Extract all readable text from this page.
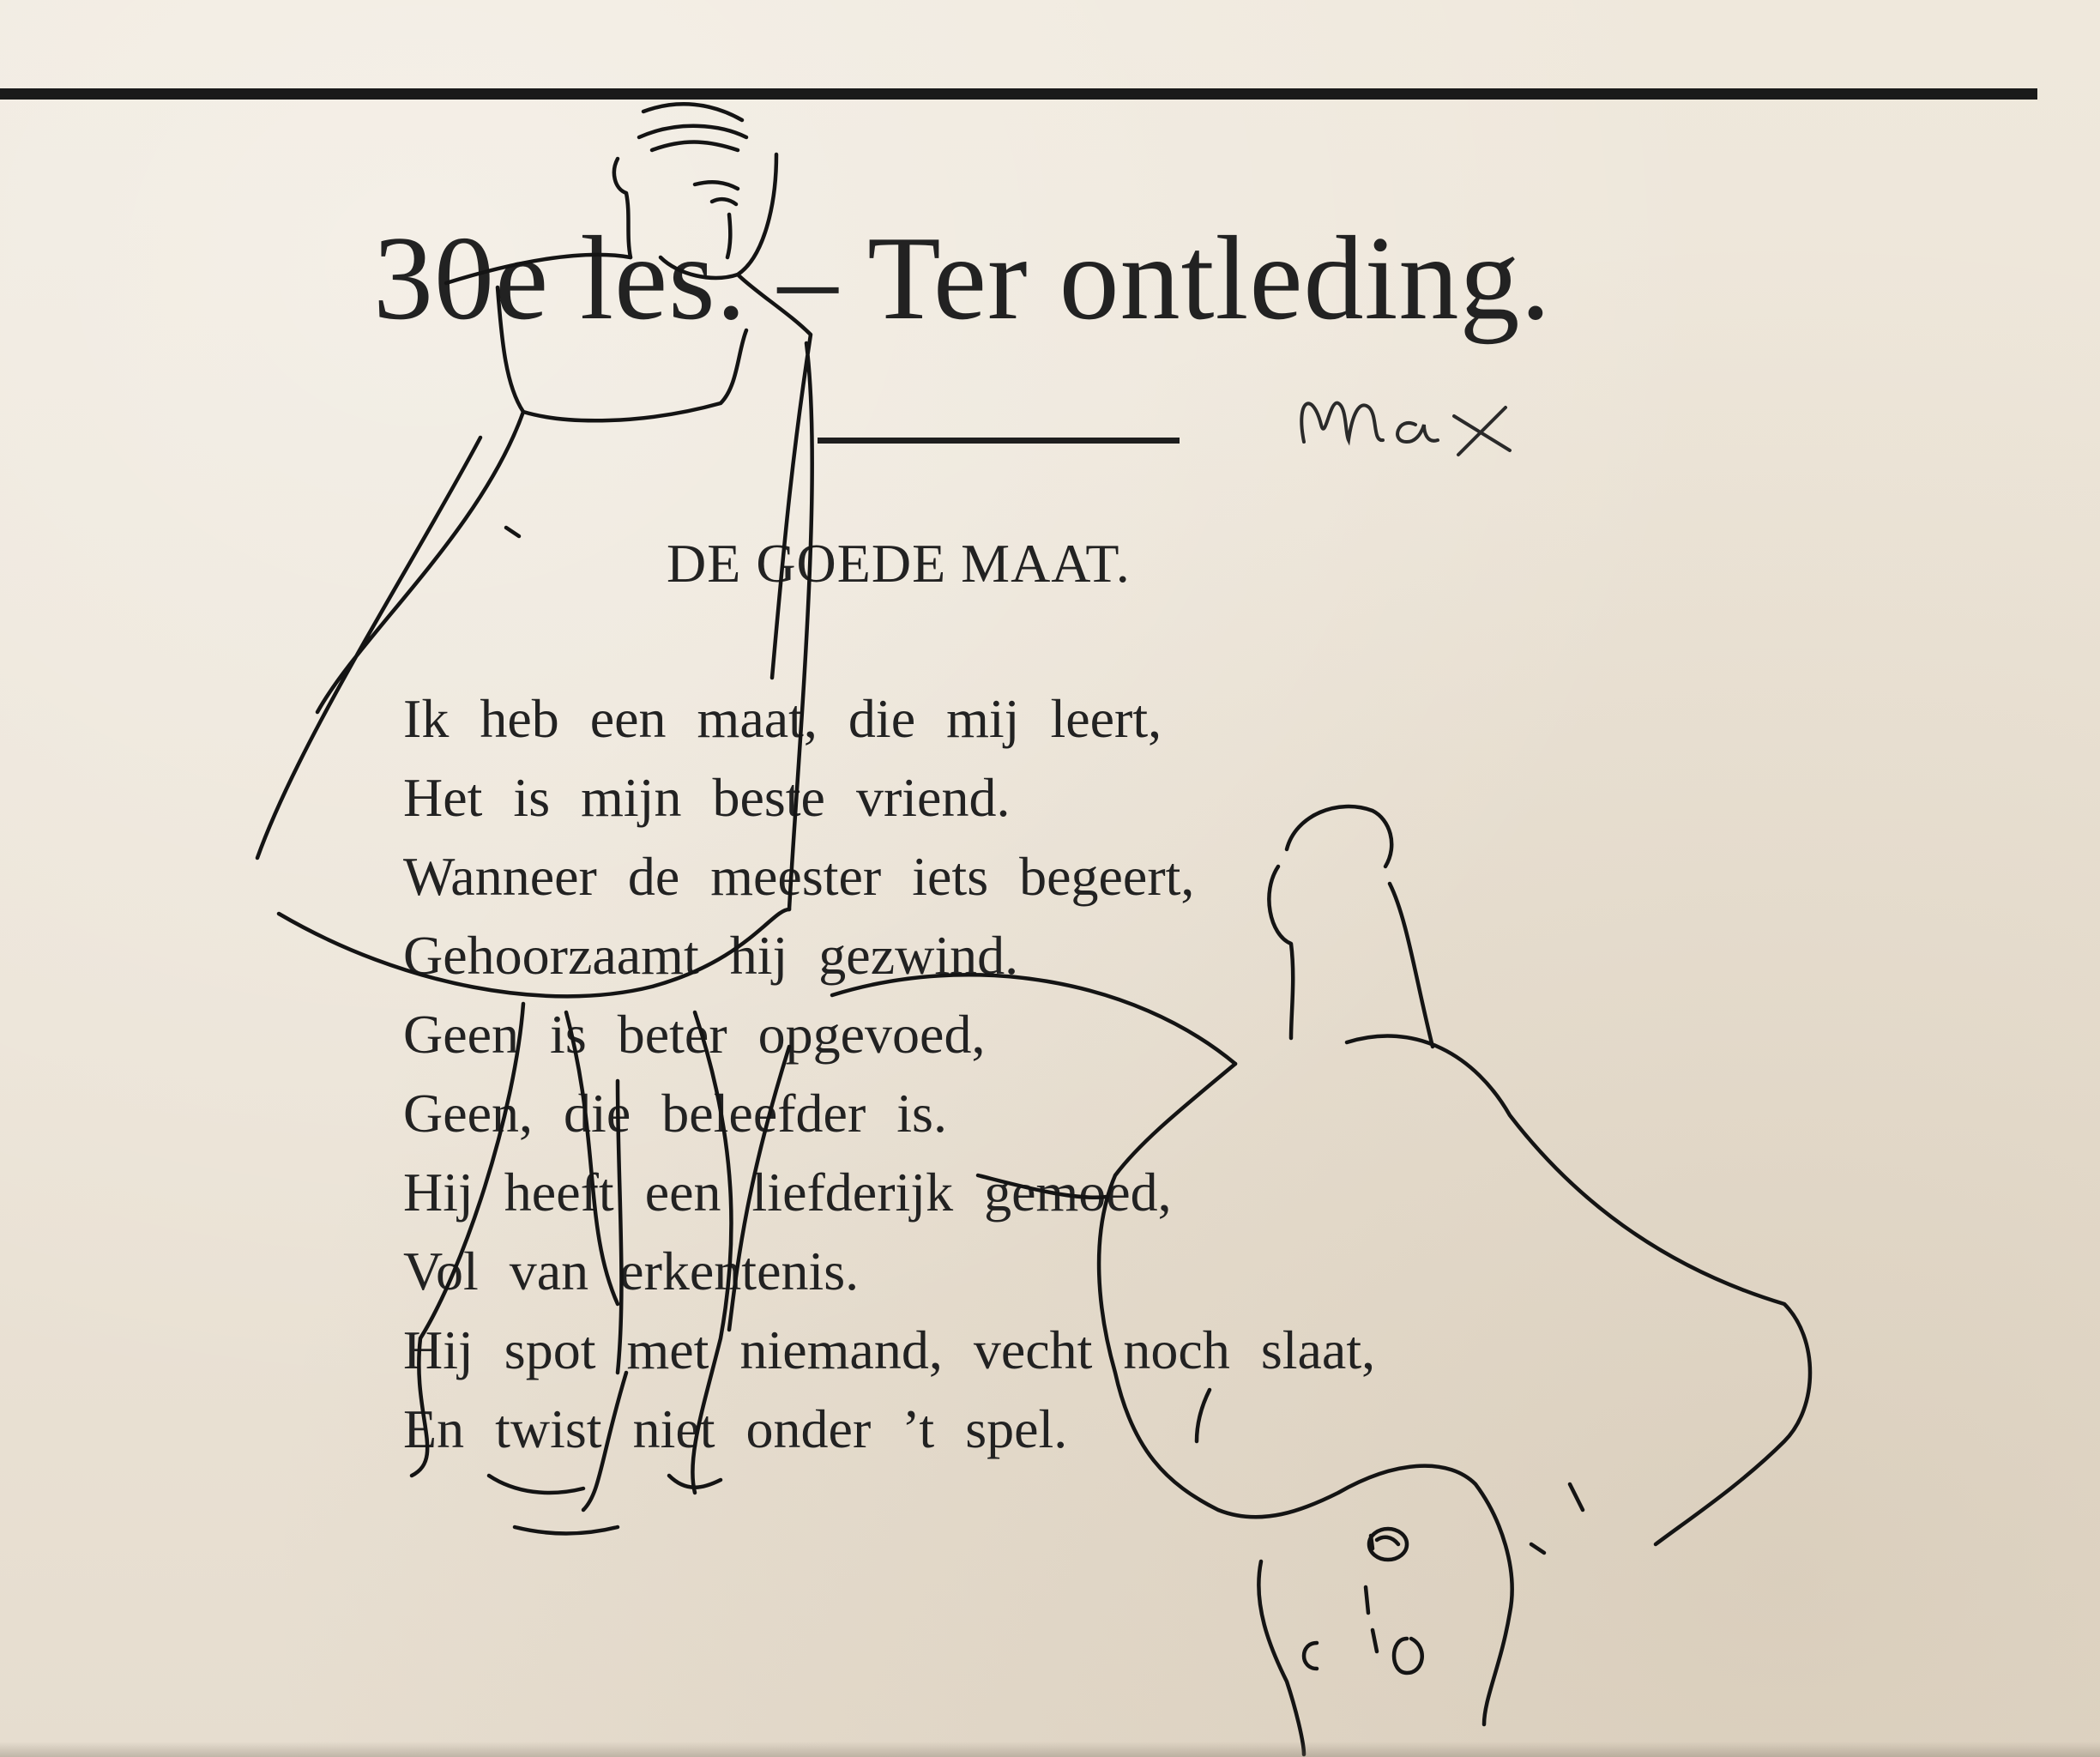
30e les. – Ter ontleding.
DE GOEDE MAAT.
Ik heb een maat, die mij leert,
Het is mijn beste vriend.
Wanneer de meester iets begeert,
Gehoorzaamt hij gezwind.
Geen is beter opgevoed,
Geen, die beleefder is.
Hij heeft een liefderijk gemoed,
Vol van erkentenis.
Hij spot met niemand, vecht noch slaat,
En twist niet onder ’t spel.
